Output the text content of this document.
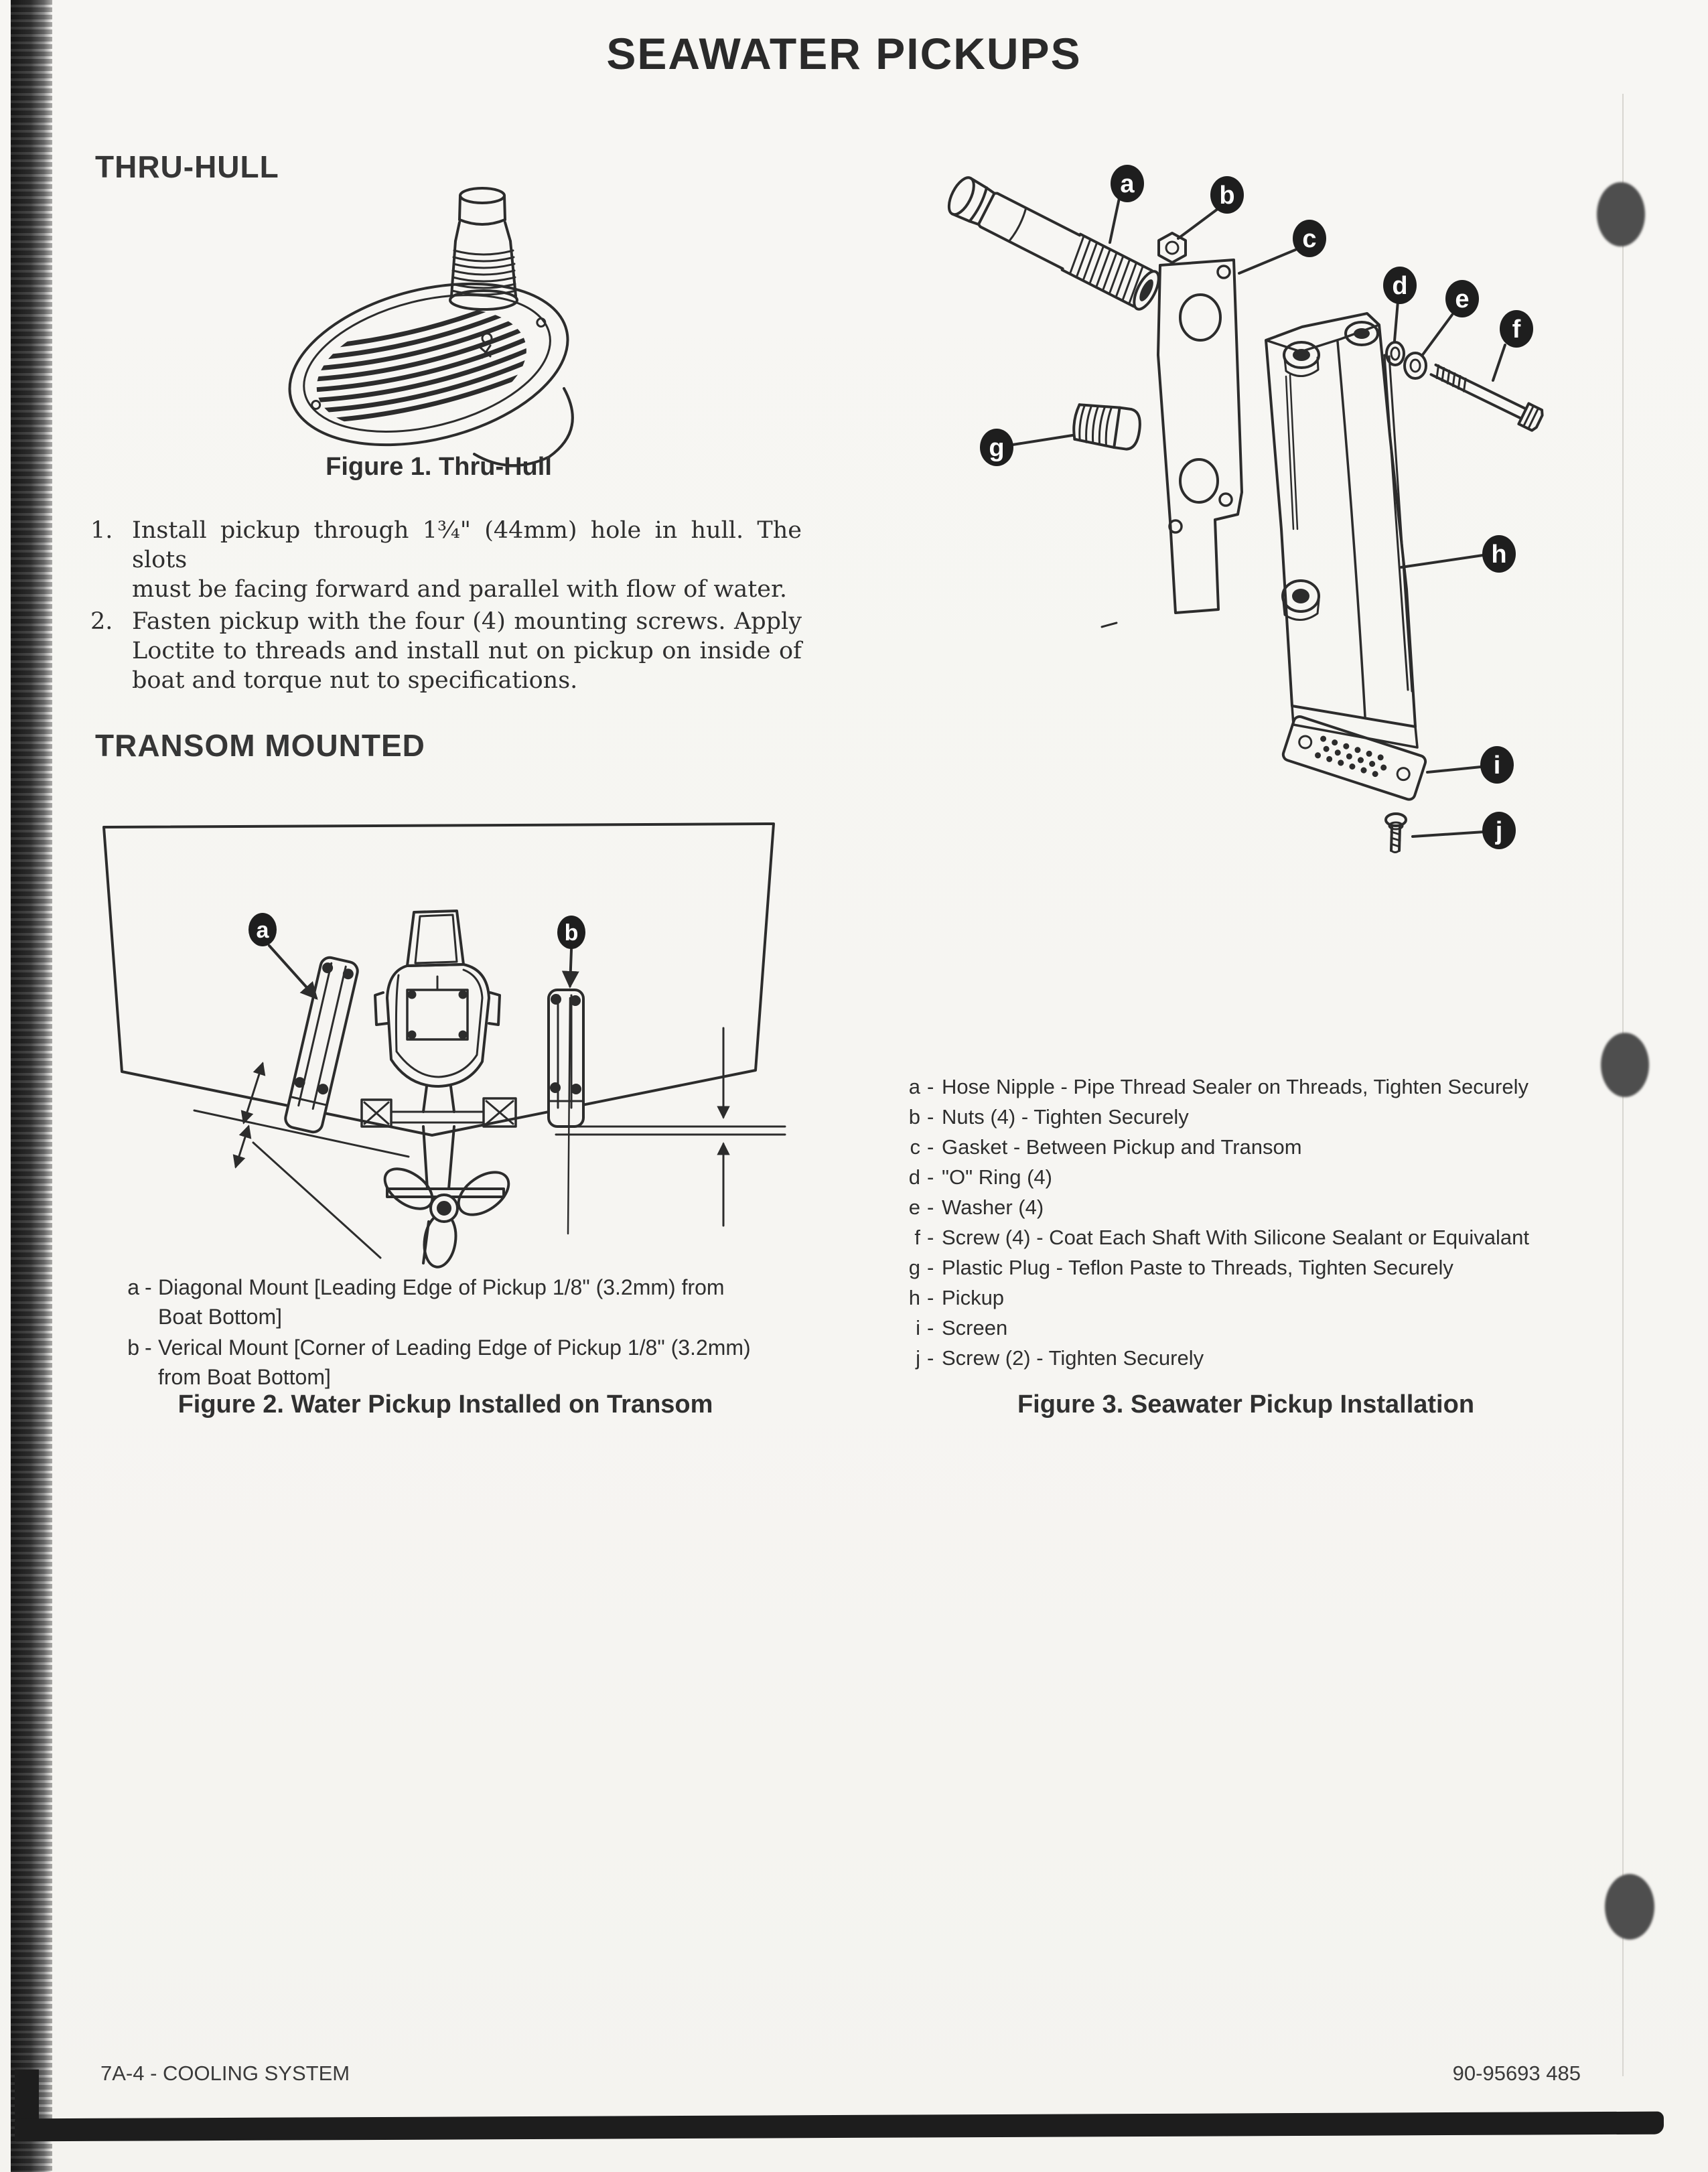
SEAWATER PICKUPS
THRU-HULL
Figure 1. Thru-Hull
1. Install pickup through 1¾" (44mm) hole in hull. The slots
must be facing forward and parallel with flow of water.
2. Fasten pickup with the four (4) mounting screws. Apply
Loctite to threads and install nut on pickup on inside of
boat and torque nut to specifications.
TRANSOM MOUNTED
a	b
a - Diagonal Mount [Leading Edge of Pickup 1/8" (3.2mm) from
Boat Bottom]
b - Verical Mount [Corner of Leading Edge of Pickup 1/8" (3.2mm)
from Boat Bottom]
Figure 2. Water Pickup Installed on Transom
a	b
c
d e
f
g
h
i
j
a - Hose Nipple - Pipe Thread Sealer on Threads, Tighten Securely
b - Nuts (4) - Tighten Securely
c - Gasket - Between Pickup and Transom
d - "O" Ring (4)
e - Washer (4)
f - Screw (4) - Coat Each Shaft With Silicone Sealant or Equivalant
g - Plastic Plug - Teflon Paste to Threads, Tighten Securely
h - Pickup
i - Screen
j - Screw (2) - Tighten Securely
Figure 3. Seawater Pickup Installation
7A-4 - COOLING SYSTEM	90-95693 485
